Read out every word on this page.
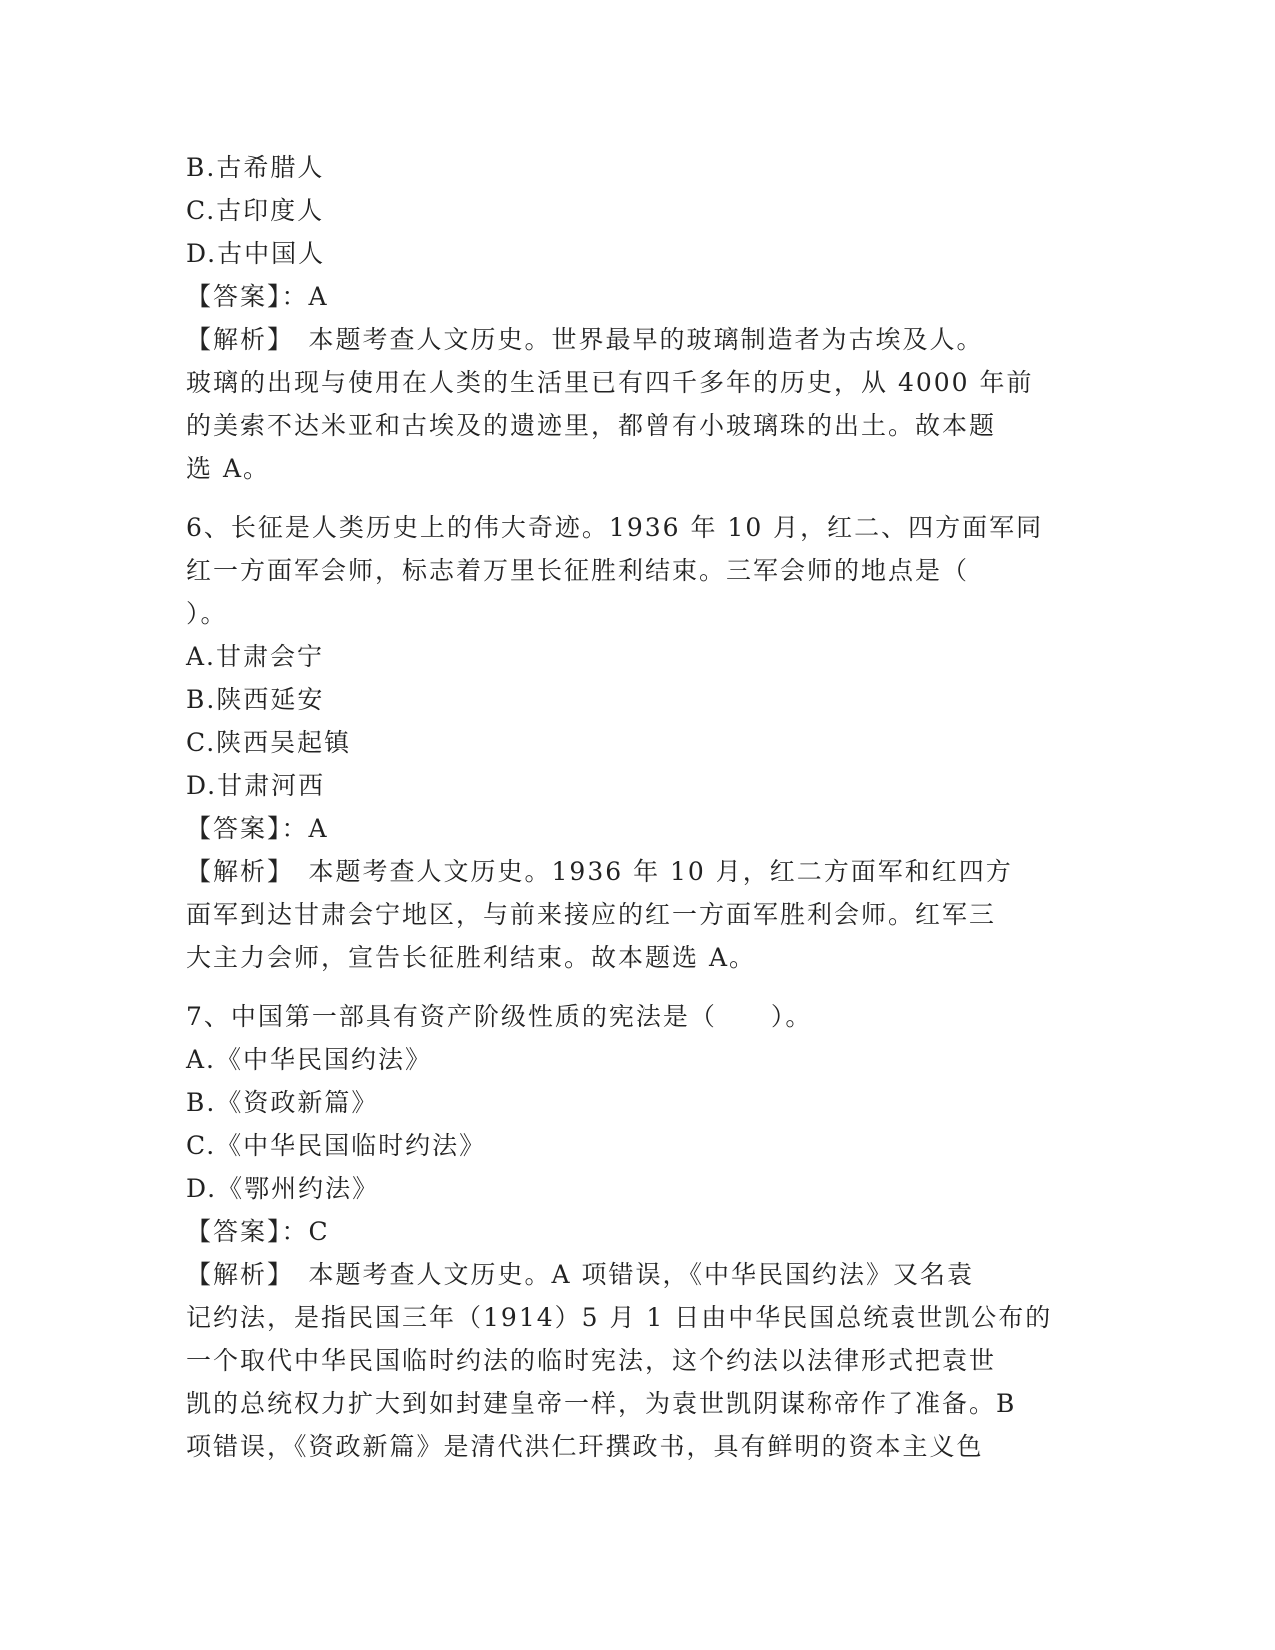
B.古希腊人
C.古印度人
D.古中国人
【答案】：A
【解析】　本题考查人文历史。世界最早的玻璃制造者为古埃及人。
玻璃的出现与使用在人类的生活里已有四千多年的历史，从 4000 年前
的美索不达米亚和古埃及的遗迹里，都曾有小玻璃珠的出土。故本题
选 A。
6、长征是人类历史上的伟大奇迹。1936 年 10 月，红二、四方面军同
红一方面军会师，标志着万里长征胜利结束。三军会师的地点是（
）。
A.甘肃会宁
B.陕西延安
C.陕西吴起镇
D.甘肃河西
【答案】：A
【解析】　本题考查人文历史。1936 年 10 月，红二方面军和红四方
面军到达甘肃会宁地区，与前来接应的红一方面军胜利会师。红军三
大主力会师，宣告长征胜利结束。故本题选 A。
7、中国第一部具有资产阶级性质的宪法是（　　）。
A.《中华民国约法》
B.《资政新篇》
C.《中华民国临时约法》
D.《鄂州约法》
【答案】：C
【解析】　本题考查人文历史。A 项错误，《中华民国约法》又名袁
记约法，是指民国三年（1914）5 月 1 日由中华民国总统袁世凯公布的
一个取代中华民国临时约法的临时宪法，这个约法以法律形式把袁世
凯的总统权力扩大到如封建皇帝一样，为袁世凯阴谋称帝作了准备。B
项错误，《资政新篇》是清代洪仁玕撰政书，具有鲜明的资本主义色
